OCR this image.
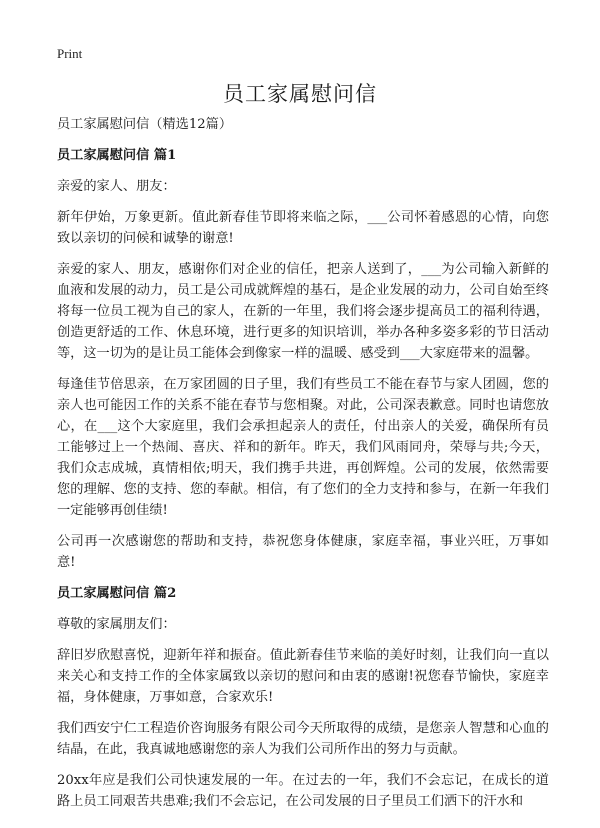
Print
员工家属慰问信

员工家属慰问信（精选12篇）

员工家属慰问信 篇1

亲爱的家人、朋友：

新年伊始，万象更新。值此新春佳节即将来临之际，___公司怀着感恩的心情，向您致以亲切的问候和诚挚的谢意!

亲爱的家人、朋友，感谢你们对企业的信任，把亲人送到了，___为公司输入新鲜的血液和发展的动力，员工是公司成就辉煌的基石，是企业发展的动力，公司自始至终将每一位员工视为自己的家人，在新的一年里，我们将会逐步提高员工的福利待遇，创造更舒适的工作、休息环境，进行更多的知识培训，举办各种多姿多彩的节日活动等，这一切为的是让员工能体会到像家一样的温暖、感受到___大家庭带来的温馨。

每逢佳节倍思亲，在万家团圆的日子里，我们有些员工不能在春节与家人团圆，您的亲人也可能因工作的关系不能在春节与您相聚。对此，公司深表歉意。同时也请您放心，在___这个大家庭里，我们会承担起亲人的责任，付出亲人的关爱，确保所有员工能够过上一个热闹、喜庆、祥和的新年。昨天，我们风雨同舟，荣辱与共;今天，我们众志成城，真情相依;明天，我们携手共进，再创辉煌。公司的发展，依然需要您的理解、您的支持、您的奉献。相信，有了您们的全力支持和参与，在新一年我们一定能够再创佳绩!

公司再一次感谢您的帮助和支持，恭祝您身体健康，家庭幸福，事业兴旺，万事如意!

员工家属慰问信 篇2

尊敬的家属朋友们：

辞旧岁欣慰喜悦，迎新年祥和振奋。值此新春佳节来临的美好时刻，让我们向一直以来关心和支持工作的全体家属致以亲切的慰问和由衷的感谢!祝您春节愉快，家庭幸福，身体健康，万事如意，合家欢乐!

我们西安宁仁工程造价咨询服务有限公司今天所取得的成绩，是您亲人智慧和心血的结晶，在此，我真诚地感谢您的亲人为我们公司所作出的努力与贡献。

20xx年应是我们公司快速发展的一年。在过去的一年，我们不会忘记，在成长的道路上员工同艰苦共患难;我们不会忘记，在公司发展的日子里员工们洒下的汗水和
